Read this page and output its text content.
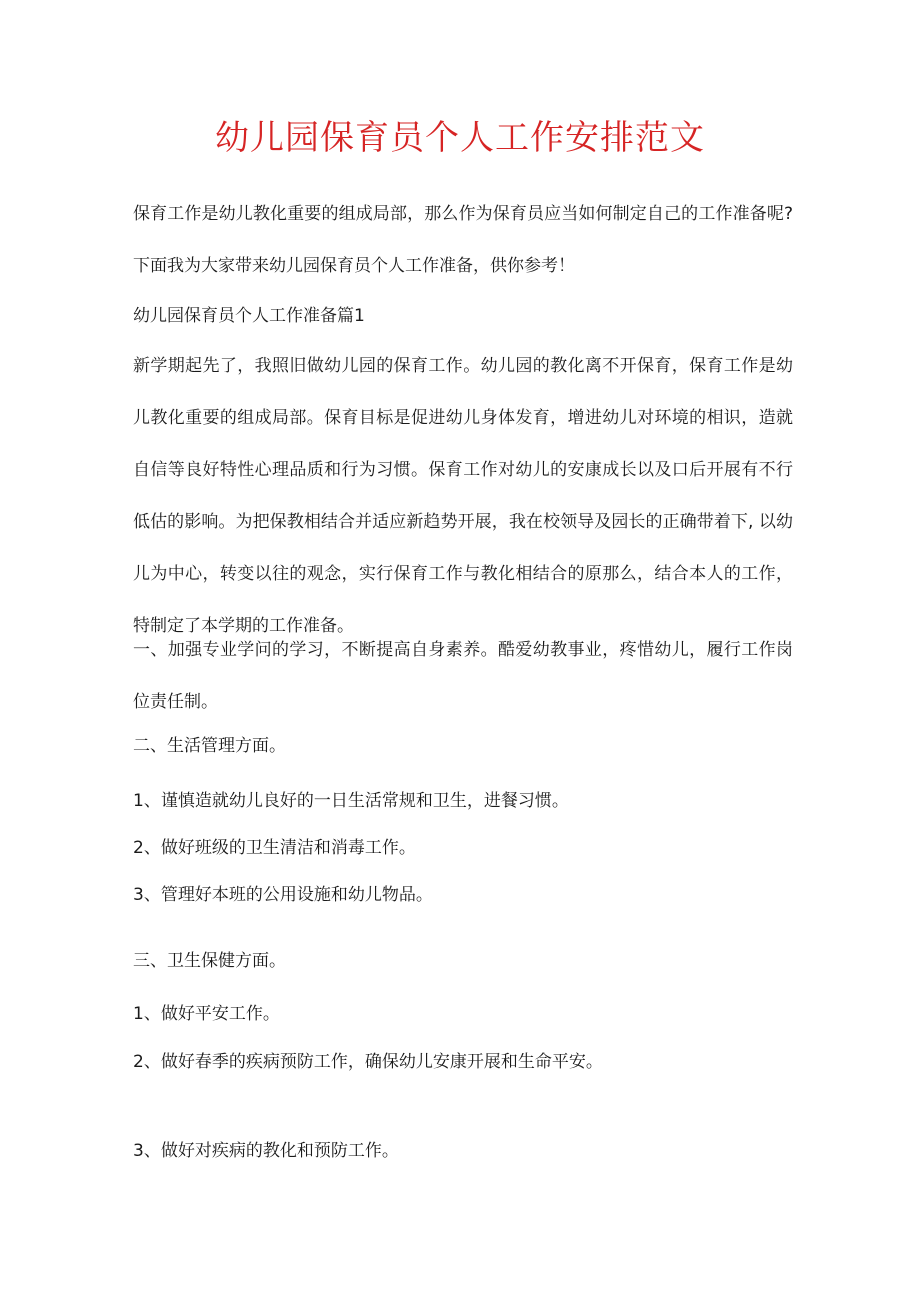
幼儿园保育员个人工作安排范文

保育工作是幼儿教化重要的组成局部，那么作为保育员应当如何制定自己的工作准备呢?下面我为大家带来幼儿园保育员个人工作准备，供你参考！

幼儿园保育员个人工作准备篇1

新学期起先了，我照旧做幼儿园的保育工作。幼儿园的教化离不开保育，保育工作是幼儿教化重要的组成局部。保育目标是促进幼儿身体发育，增进幼儿对环境的相识，造就自信等良好特性心理品质和行为习惯。保育工作对幼儿的安康成长以及口后开展有不行低估的影响。为把保教相结合并适应新趋势开展，我在校领导及园长的正确带着下, 以幼儿为中心，转变以往的观念，实行保育工作与教化相结合的原那么，结合本人的工作，特制定了本学期的工作准备。

一、加强专业学问的学习，不断提高自身素养。酷爱幼教事业，疼惜幼儿，履行工作岗位责任制。

二、生活管理方面。

1、谨慎造就幼儿良好的一日生活常规和卫生，进餐习惯。

2、做好班级的卫生清洁和消毒工作。

3、管理好本班的公用设施和幼儿物品。

三、卫生保健方面。

1、做好平安工作。

2、做好春季的疾病预防工作，确保幼儿安康开展和生命平安。

3、做好对疾病的教化和预防工作。
